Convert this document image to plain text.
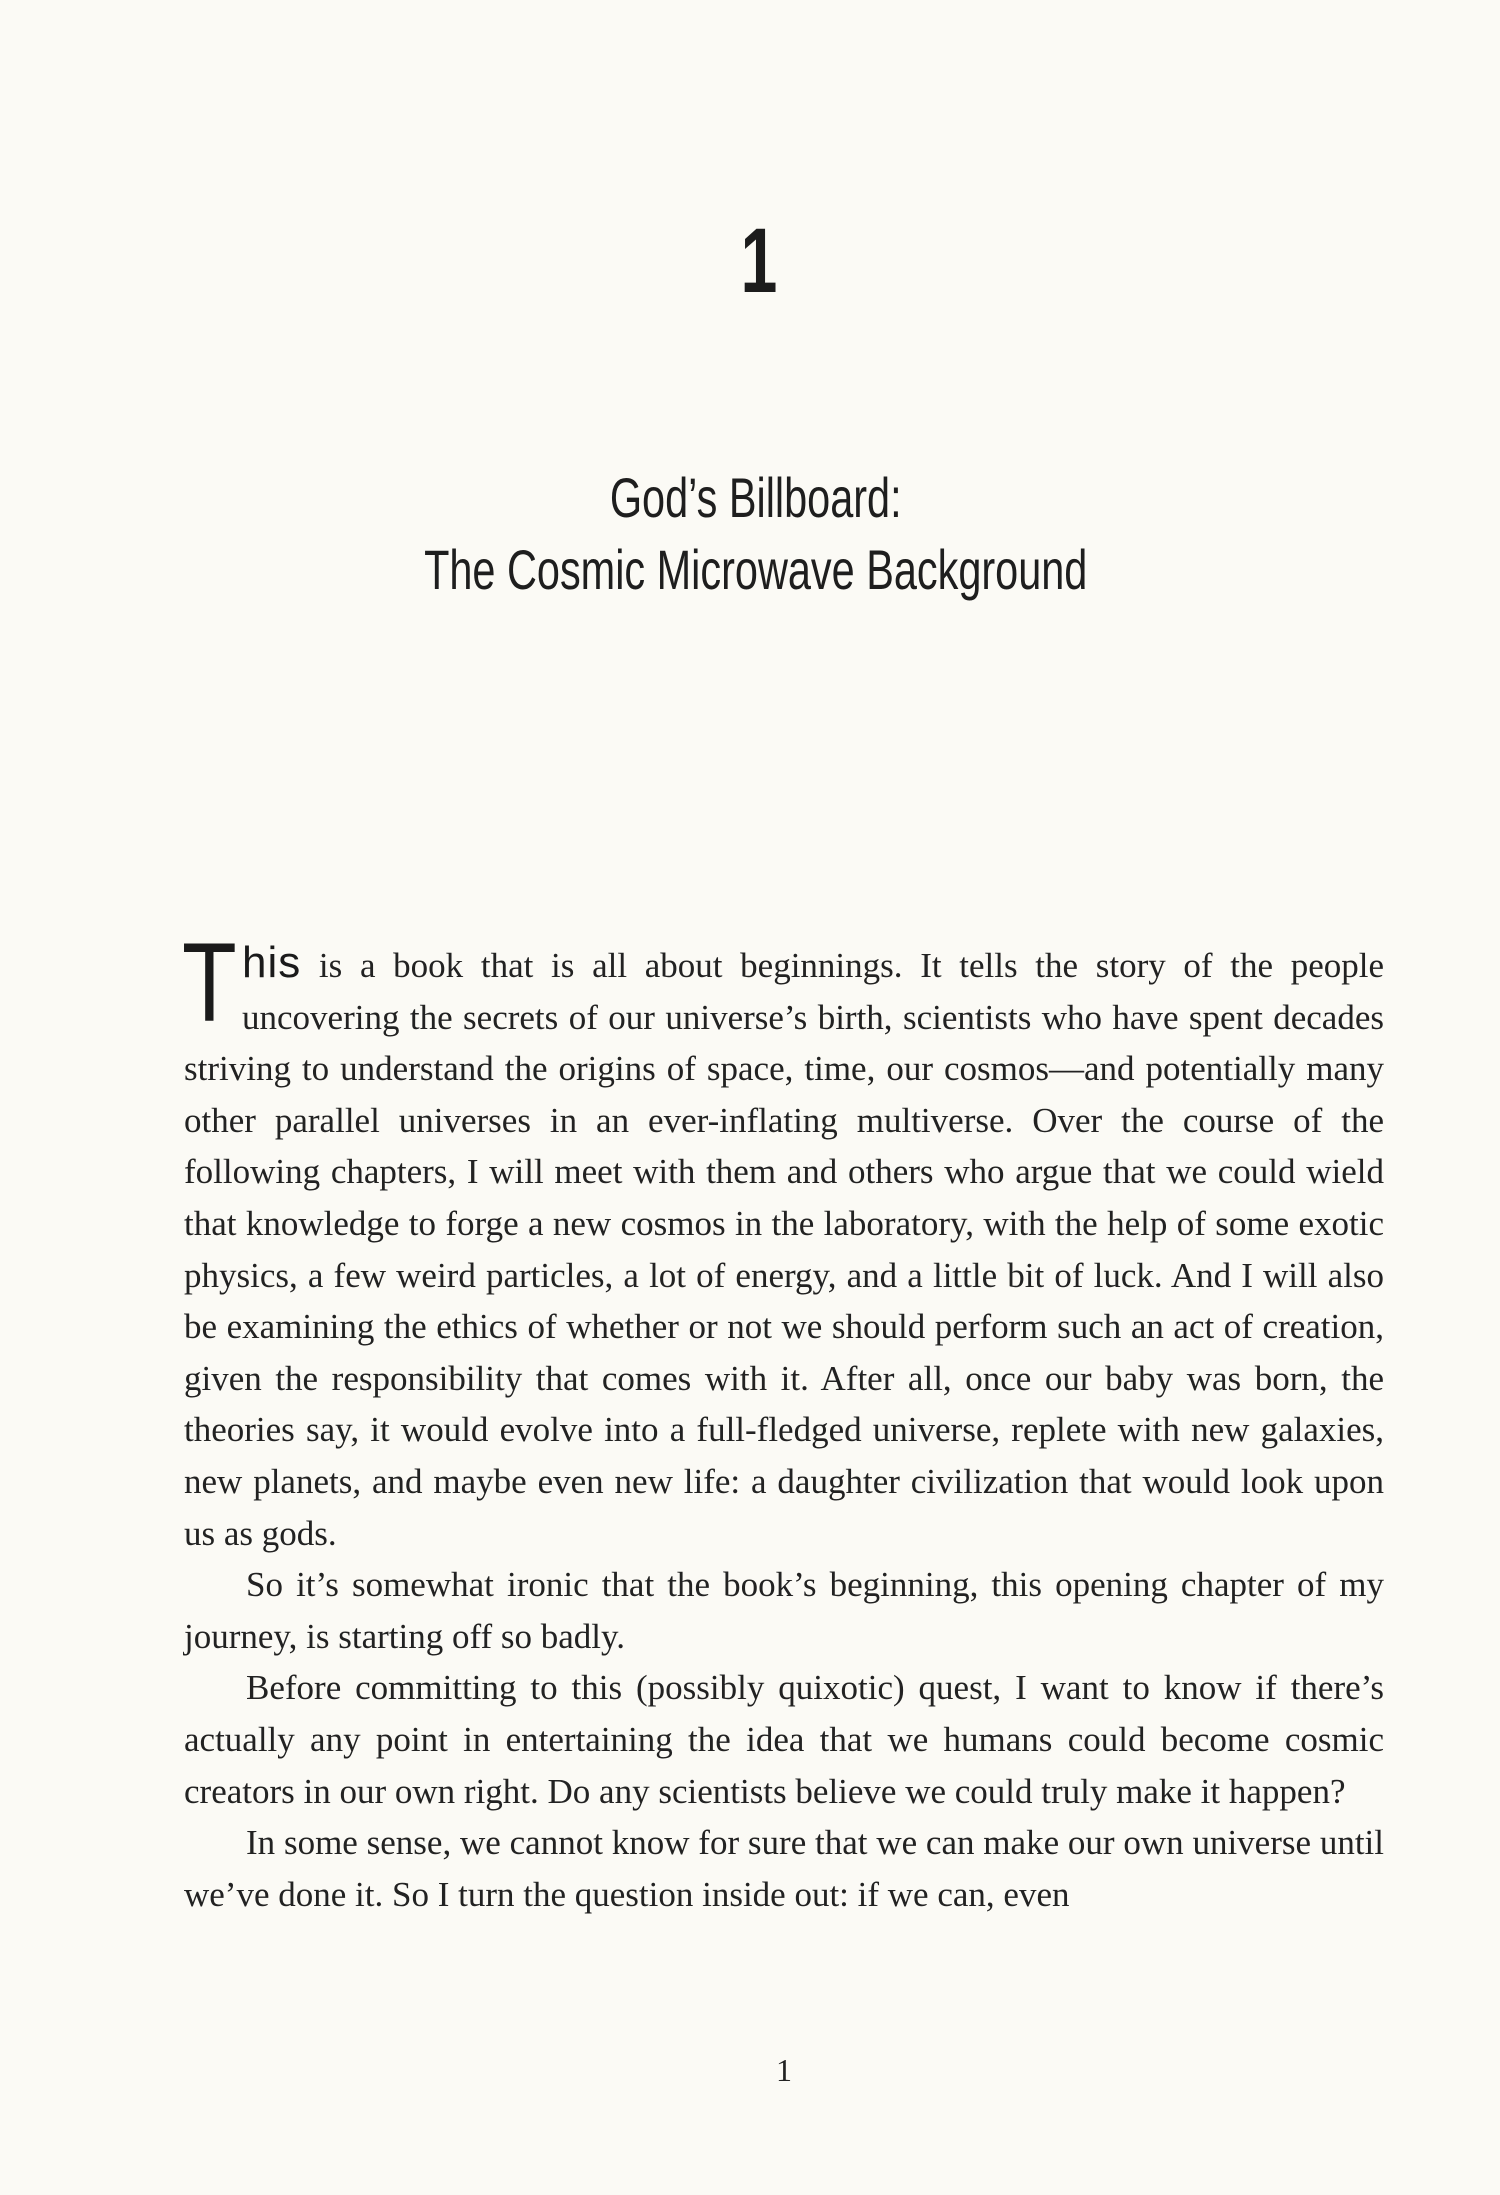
1
God’s Billboard:
The Cosmic Microwave Background

This is a book that is all about beginnings. It tells the story of the people uncovering the secrets of our universe’s birth, scientists who have spent decades striving to understand the origins of space, time, our cosmos—and potentially many other parallel universes in an ever-inflating multiverse. Over the course of the following chapters, I will meet with them and others who argue that we could wield that knowledge to forge a new cosmos in the laboratory, with the help of some exotic physics, a few weird particles, a lot of energy, and a little bit of luck. And I will also be examining the ethics of whether or not we should perform such an act of creation, given the responsibility that comes with it. After all, once our baby was born, the theories say, it would evolve into a full-fledged universe, replete with new galaxies, new planets, and maybe even new life: a daughter civilization that would look upon us as gods.

So it’s somewhat ironic that the book’s beginning, this opening chapter of my journey, is starting off so badly.

Before committing to this (possibly quixotic) quest, I want to know if there’s actually any point in entertaining the idea that we humans could become cosmic creators in our own right. Do any scientists believe we could truly make it happen?

In some sense, we cannot know for sure that we can make our own universe until we’ve done it. So I turn the question inside out: if we can, even

1
